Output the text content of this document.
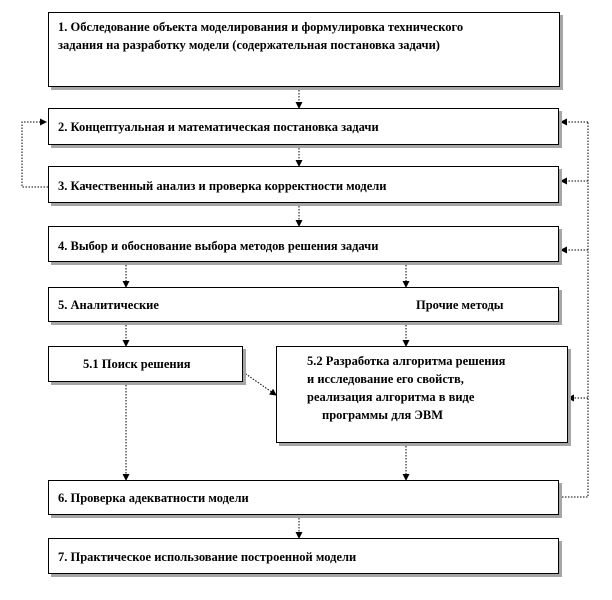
1. Обследование объекта моделирования и формулировка технического
задания на разработку модели (содержательная постановка задачи)
2. Концептуальная и математическая постановка задачи
3. Качественный анализ и проверка корректности модели
4. Выбор и обоснование выбора методов решения задачи
5. Аналитические	Прочие методы
5.1 Поиск решения	5.2 Разработка алгоритма решения
и исследование его свойств,
реализация алгоритма в виде
программы для ЭВМ
6. Проверка адекватности модели
7. Практическое использование построенной модели
